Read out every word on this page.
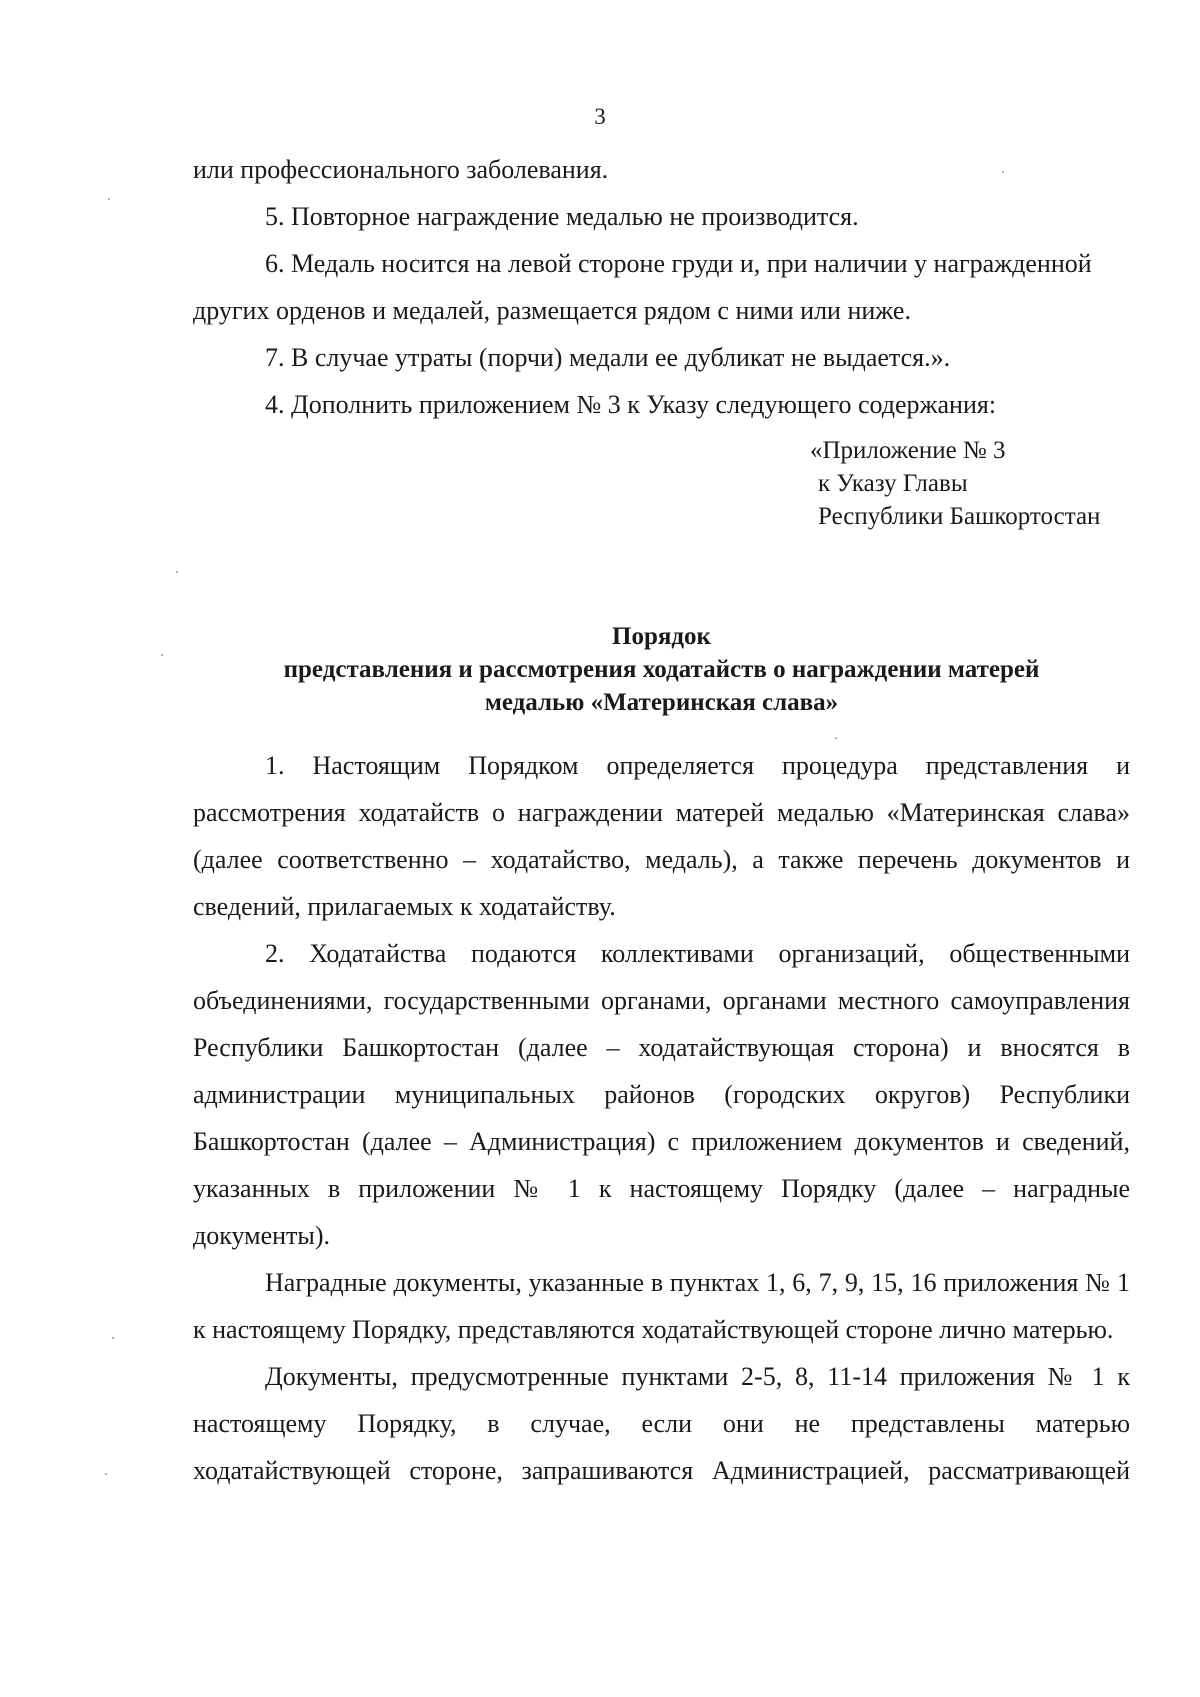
3

или профессионального заболевания.

5. Повторное награждение медалью не производится.

6. Медаль носится на левой стороне груди и, при наличии у награжденной

других орденов и медалей, размещается рядом с ними или ниже.

7. В случае утраты (порчи) медали ее дубликат не выдается.».

4. Дополнить приложением № 3 к Указу следующего содержания:

«Приложение № 3
к Указу Главы
Республики Башкортостан
Порядок
представления и рассмотрения ходатайств о награждении матерей
медалью «Материнская слава»

1. Настоящим Порядком определяется процедура представления и рассмотрения ходатайств о награждении матерей медалью «Материнская слава» (далее соответственно – ходатайство, медаль), а также перечень документов и сведений, прилагаемых к ходатайству.

2. Ходатайства подаются коллективами организаций, общественными объединениями, государственными органами, органами местного самоуправления Республики Башкортостан (далее – ходатайствующая сторона) и вносятся в администрации муниципальных районов (городских округов) Республики Башкортостан (далее – Администрация) с приложением документов и сведений, указанных в приложении № 1 к настоящему Порядку (далее – наградные документы).

Наградные документы, указанные в пунктах 1, 6, 7, 9, 15, 16 приложения № 1 к настоящему Порядку, представляются ходатайствующей стороне лично матерью.

Документы, предусмотренные пунктами 2-5, 8, 11-14 приложения № 1 к настоящему Порядку, в случае, если они не представлены матерью ходатайствующей стороне, запрашиваются Администрацией, рассматривающей
